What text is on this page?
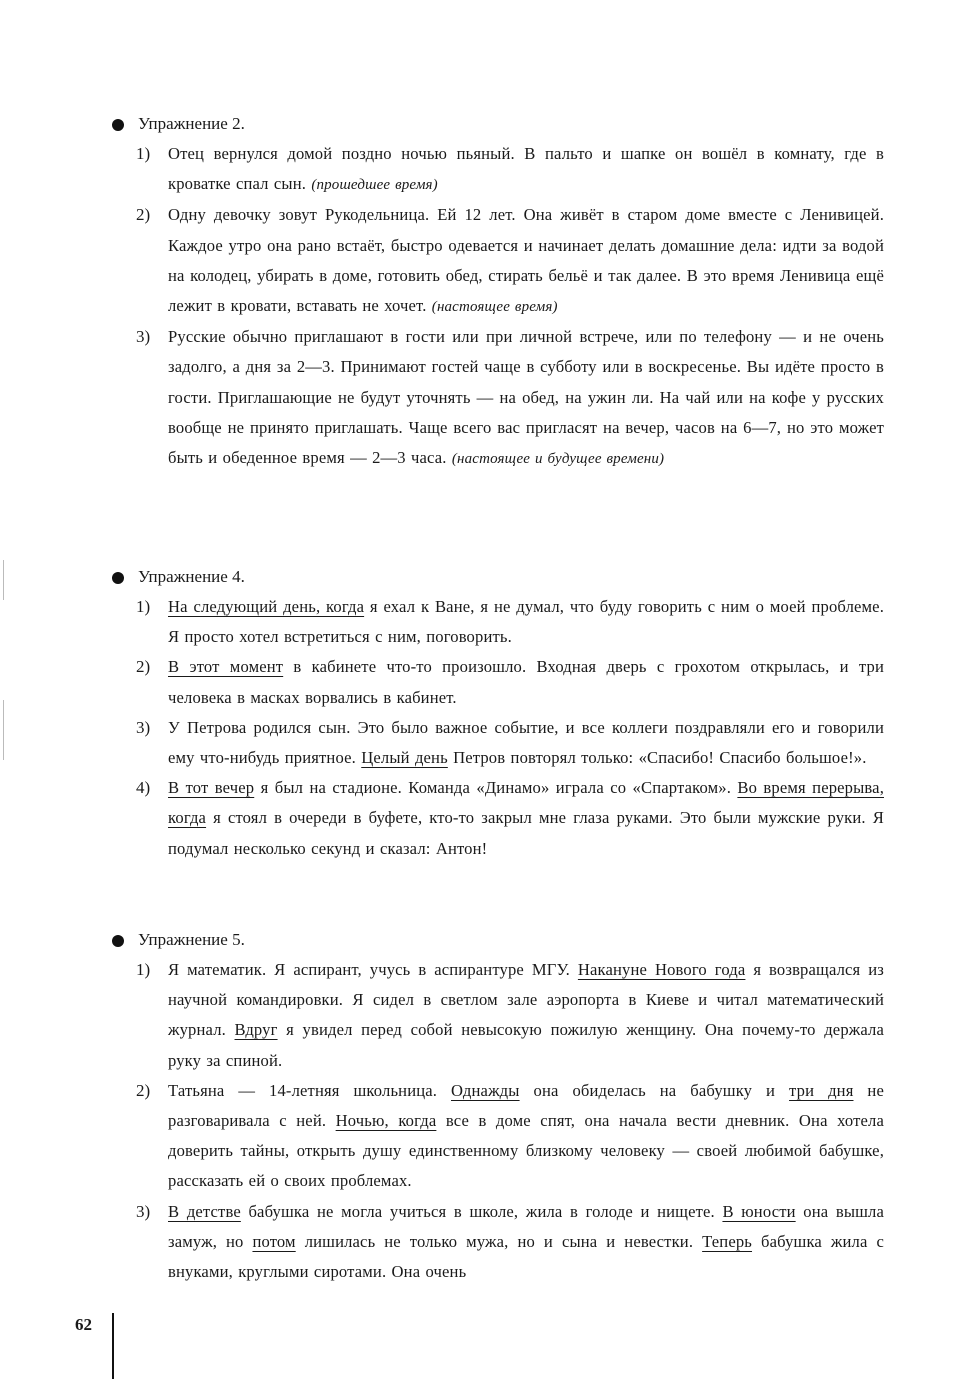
Упражнение 2.
1)	Отец вернулся домой поздно ночью пьяный. В пальто и шапке он вошёл в комнату, где в кроватке спал сын. (прошедшее время)

2)	Одну девочку зовут Рукодельница. Ей 12 лет. Она живёт в старом доме вместе с Ленивицей. Каждое утро она рано встаёт, быстро одевается и начинает делать домашние дела: идти за водой на колодец, убирать в доме, готовить обед, стирать бельё и так далее. В это время Ленивица ещё лежит в кровати, вставать не хочет. (настоящее время)

3)	Русские обычно приглашают в гости или при личной встрече, или по телефону — и не очень задолго, а дня за 2—3. Принимают гостей чаще в субботу или в воскресенье. Вы идёте просто в гости. Приглашающие не будут уточнять — на обед, на ужин ли. На чай или на кофе у русских вообще не принято приглашать. Чаще всего вас пригласят на вечер, часов на 6—7, но это может быть и обеденное время — 2—3 часа. (настоящее и будущее времени)

Упражнение 4.
1)	На следующий день, когда я ехал к Ване, я не думал, что буду говорить с ним о моей проблеме. Я просто хотел встретиться с ним, поговорить.

2)	В этот момент в кабинете что-то произошло. Входная дверь с грохотом открылась, и три человека в масках ворвались в кабинет.

3)	У Петрова родился сын. Это было важное событие, и все коллеги поздравляли его и говорили ему что-нибудь приятное. Целый день Петров повторял только: «Спасибо! Спасибо большое!».

4)	В тот вечер я был на стадионе. Команда «Динамо» играла со «Спартаком». Во время перерыва, когда я стоял в очереди в буфете, кто-то закрыл мне глаза руками. Это были мужские руки. Я подумал несколько секунд и сказал: Антон!

Упражнение 5.
1)	Я математик. Я аспирант, учусь в аспирантуре МГУ. Накануне Нового года я возвращался из научной командировки. Я сидел в светлом зале аэропорта в Киеве и читал математический журнал. Вдруг я увидел перед собой невысокую пожилую женщину. Она почему-то держала руку за спиной.

2)	Татьяна — 14-летняя школьница. Однажды она обиделась на бабушку и три дня не разговаривала с ней. Ночью, когда все в доме спят, она начала вести дневник. Она хотела доверить тайны, открыть душу единственному близкому человеку — своей любимой бабушке, рассказать ей о своих проблемах.

3)	В детстве бабушка не могла учиться в школе, жила в голоде и нищете. В юности она вышла замуж, но потом лишилась не только мужа, но и сына и невестки. Теперь бабушка жила с внуками, круглыми сиротами. Она очень

62
